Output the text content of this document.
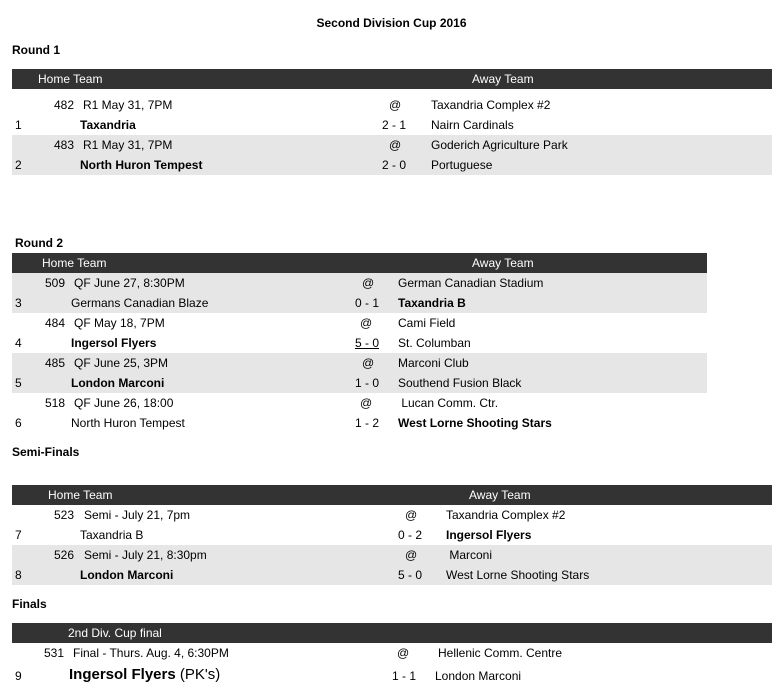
Second Division Cup 2016
Round 1
Home Team	Away Team
482 R1 May 31, 7PM	@ Taxandria Complex #2
1	Taxandria	2 - 1 Nairn Cardinals
483 R1 May 31, 7PM	@ Goderich Agriculture Park
2	North Huron Tempest	2 - 0 Portuguese
Round 2
Home Team	Away Team
509 QF June 27, 8:30PM	@ German Canadian Stadium
3	Germans Canadian Blaze	0 - 1 Taxandria B
484 QF May 18, 7PM	@ Cami Field
4	Ingersol Flyers	5 - 0 St. Columban
485 QF June 25, 3PM	@ Marconi Club
5	London Marconi	1 - 0 Southend Fusion Black
518 QF June 26, 18:00	@ Lucan Comm. Ctr.
6	North Huron Tempest	1 - 2 West Lorne Shooting Stars
Semi-Finals
Home Team	Away Team
523 Semi - July 21, 7pm	@ Taxandria Complex #2
7	Taxandria B	0 - 2 Ingersol Flyers
526 Semi - July 21, 8:30pm	@ Marconi
8	London Marconi	5 - 0 West Lorne Shooting Stars
Finals
2nd Div. Cup final
531 Final - Thurs. Aug. 4, 6:30PM	@ Hellenic Comm. Centre
9	Ingersol Flyers (PK's)	1 - 1 London Marconi
